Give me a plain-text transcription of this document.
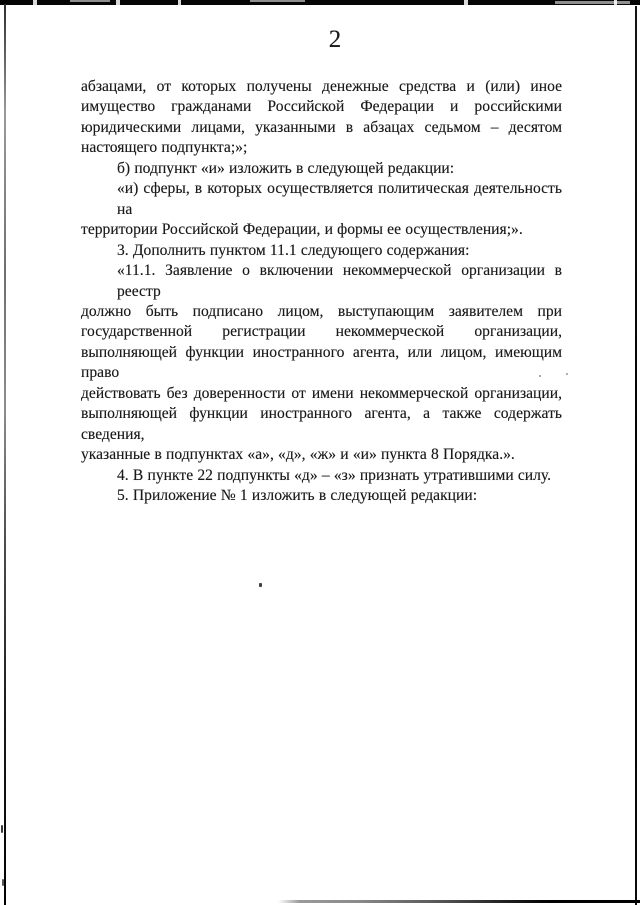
2
абзацами, от которых получены денежные средства и (или) иное
имущество гражданами Российской Федерации и российскими
юридическими лицами, указанными в абзацах седьмом – десятом
настоящего подпункта;»;
б) подпункт «и» изложить в следующей редакции:
«и) сферы, в которых осуществляется политическая деятельность на
территории Российской Федерации, и формы ее осуществления;».
3. Дополнить пунктом 11.1 следующего содержания:
«11.1. Заявление о включении некоммерческой организации в реестр
должно быть подписано лицом, выступающим заявителем при
государственной регистрации некоммерческой организации,
выполняющей функции иностранного агента, или лицом, имеющим право
действовать без доверенности от имени некоммерческой организации,
выполняющей функции иностранного агента, а также содержать сведения,
указанные в подпунктах «а», «д», «ж» и «и» пункта 8 Порядка.».
4. В пункте 22 подпункты «д» – «з» признать утратившими силу.
5. Приложение № 1 изложить в следующей редакции:
